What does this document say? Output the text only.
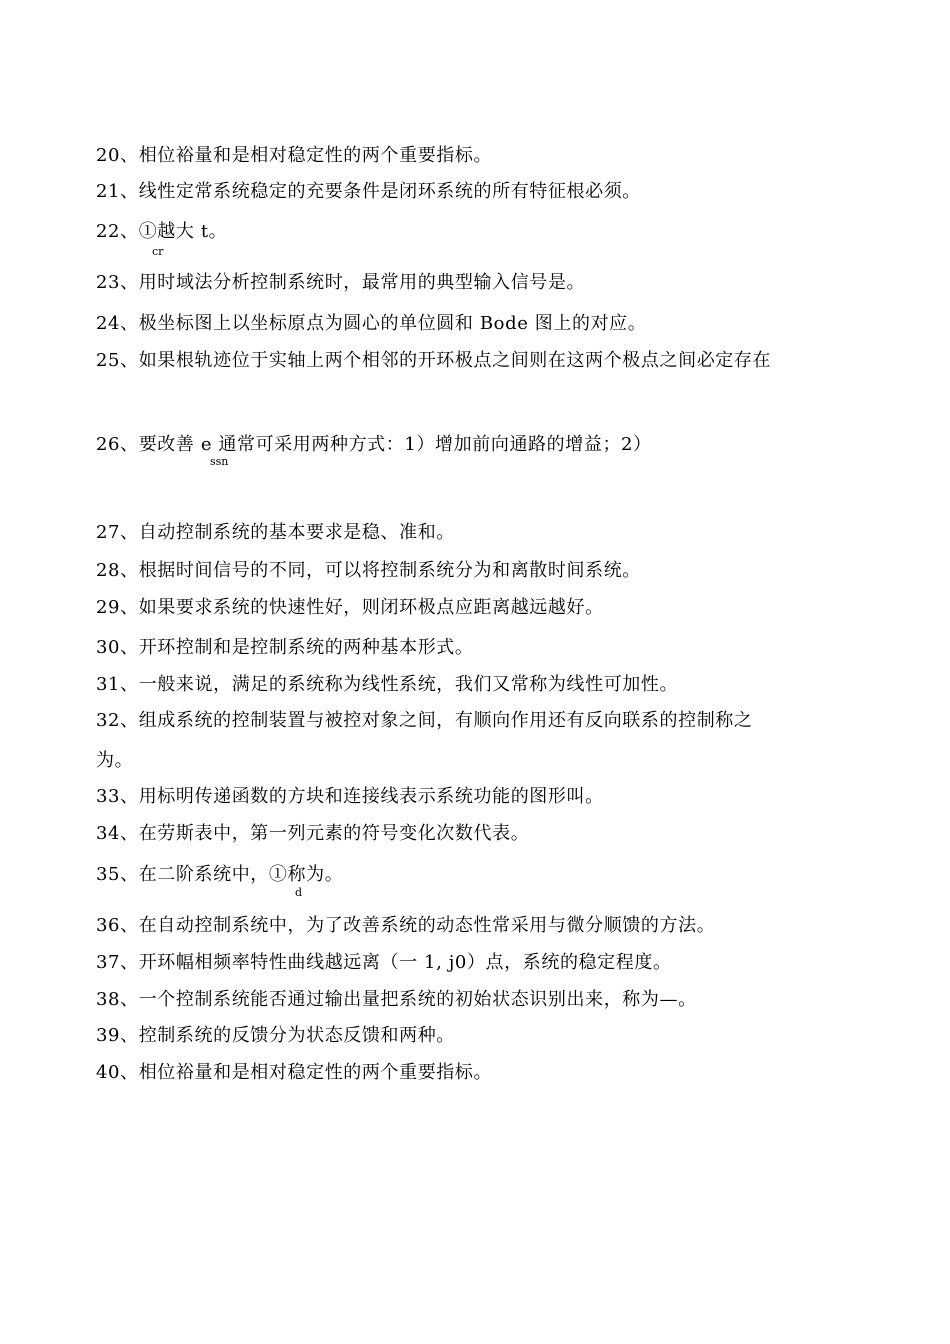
20、相位裕量和是相对稳定性的两个重要指标。
21、线性定常系统稳定的充要条件是闭环系统的所有特征根必须。
22、①越大 t。
cr
23、用时域法分析控制系统时，最常用的典型输入信号是。
24、极坐标图上以坐标原点为圆心的单位圆和 Bode 图上的对应。
25、如果根轨迹位于实轴上两个相邻的开环极点之间则在这两个极点之间必定存在
26、要改善 e 通常可采用两种方式：1）增加前向通路的增益；2）
ssn
27、自动控制系统的基本要求是稳、准和。
28、根据时间信号的不同，可以将控制系统分为和离散时间系统。
29、如果要求系统的快速性好，则闭环极点应距离越远越好。
30、开环控制和是控制系统的两种基本形式。
31、一般来说，满足的系统称为线性系统，我们又常称为线性可加性。
32、组成系统的控制装置与被控对象之间，有顺向作用还有反向联系的控制称之
为。
33、用标明传递函数的方块和连接线表示系统功能的图形叫。
34、在劳斯表中，第一列元素的符号变化次数代表。
35、在二阶系统中，①称为。
d
36、在自动控制系统中，为了改善系统的动态性常采用与微分顺馈的方法。
37、开环幅相频率特性曲线越远离（一 1, j0）点，系统的稳定程度。
38、一个控制系统能否通过输出量把系统的初始状态识别出来，称为—。
39、控制系统的反馈分为状态反馈和两种。
40、相位裕量和是相对稳定性的两个重要指标。
